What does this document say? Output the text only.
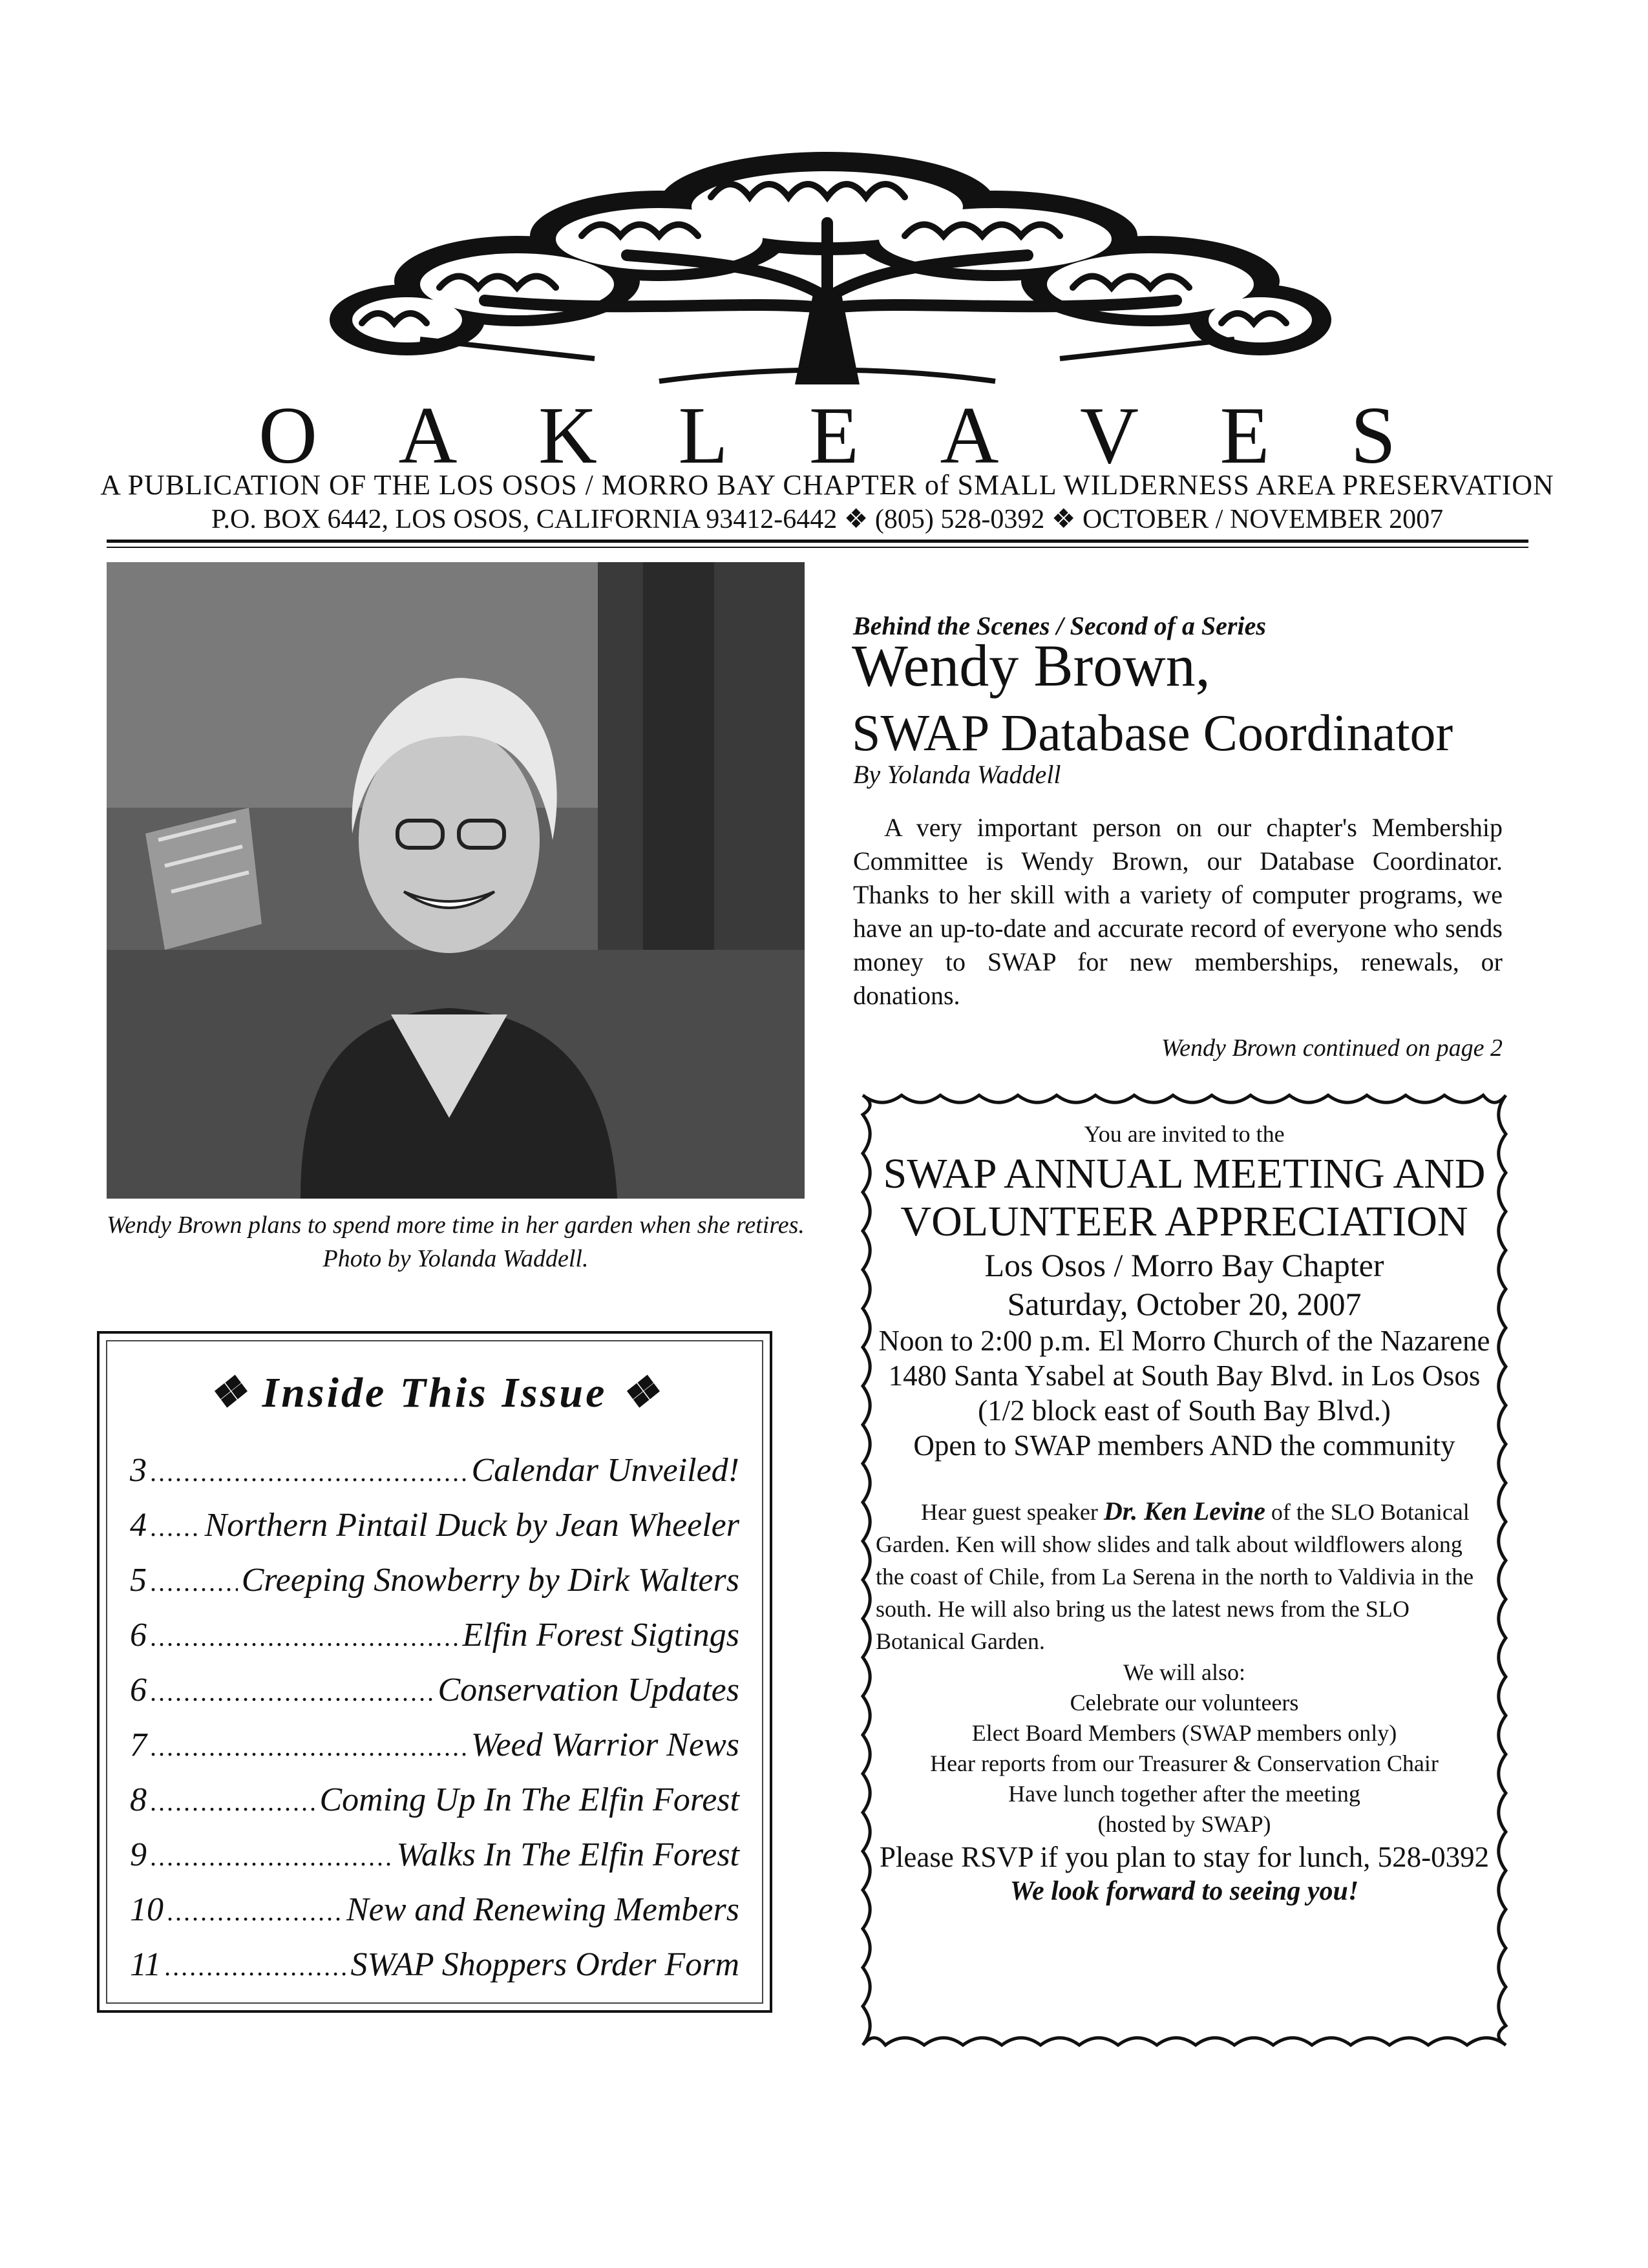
O A K L E A V E S
A PUBLICATION OF THE LOS OSOS / MORRO BAY CHAPTER of SMALL WILDERNESS AREA PRESERVATION
P.O. BOX 6442, LOS OSOS, CALIFORNIA 93412-6442 ❖ (805) 528-0392 ❖ OCTOBER / NOVEMBER 2007
Wendy Brown plans to spend more time in her garden when she retires.
Photo by Yolanda Waddell.
❖ Inside This Issue ❖
3 .....	Calendar Unveiled!
4 ..... Northern Pintail Duck by Jean Wheeler
5 .....	Creeping Snowberry by Dirk Walters
6 .....	Elfin Forest Sigtings
6 .....	Conservation Updates
7 .....	Weed Warrior News
8 .....	Coming Up In The Elfin Forest
9 .....	Walks In The Elfin Forest
10 .....	New and Renewing Members
11 .....	SWAP Shoppers Order Form
Behind the Scenes / Second of a Series
Wendy Brown,
SWAP Database Coordinator
By Yolanda Waddell
A very important person on our chapter's Membership Committee is Wendy Brown, our Database Coordinator. Thanks to her skill with a variety of computer programs, we have an up-to-date and accurate record of everyone who sends money to SWAP for new memberships, renewals, or donations.
Wendy Brown continued on page 2
You are invited to the
SWAP ANNUAL MEETING AND
VOLUNTEER APPRECIATION
Los Osos / Morro Bay Chapter
Saturday, October 20, 2007
Noon to 2:00 p.m. El Morro Church of the Nazarene
1480 Santa Ysabel at South Bay Blvd. in Los Osos
(1/2 block east of South Bay Blvd.)
Open to SWAP members AND the community
Hear guest speaker Dr. Ken Levine of the SLO Botanical Garden. Ken will show slides and talk about wildflowers along the coast of Chile, from La Serena in the north to Valdivia in the south. He will also bring us the latest news from the SLO Botanical Garden.
We will also:
Celebrate our volunteers
Elect Board Members (SWAP members only)
Hear reports from our Treasurer & Conservation Chair
Have lunch together after the meeting
(hosted by SWAP)
Please RSVP if you plan to stay for lunch, 528-0392
We look forward to seeing you!
